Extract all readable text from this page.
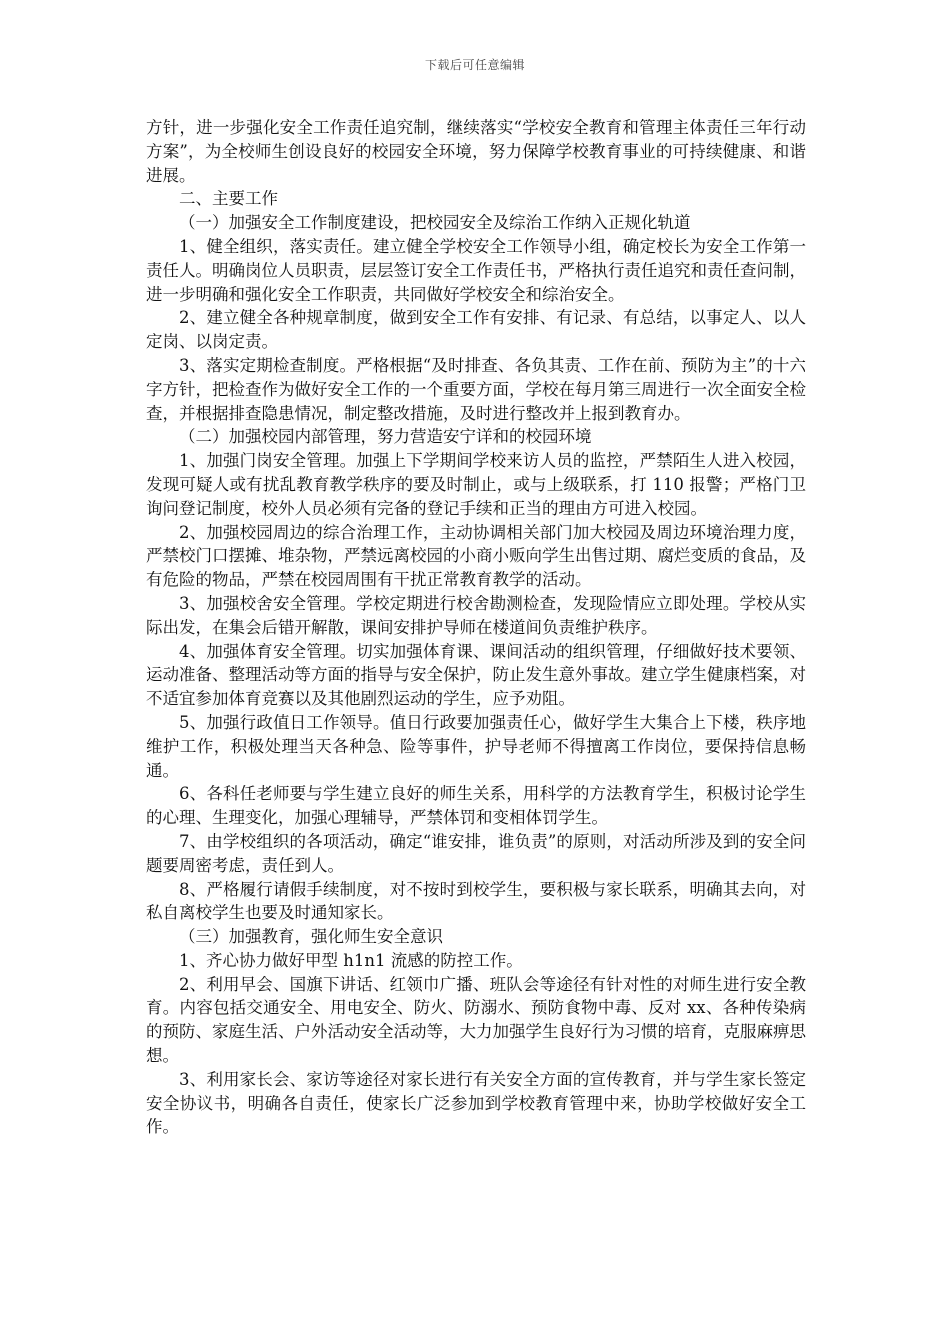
下载后可任意编辑

方针，进一步强化安全工作责任追究制，继续落实“学校安全教育和管理主体责任三年行动方案”，为全校师生创设良好的校园安全环境，努力保障学校教育事业的可持续健康、和谐进展。

二、主要工作

（一）加强安全工作制度建设，把校园安全及综治工作纳入正规化轨道

1、健全组织，落实责任。建立健全学校安全工作领导小组，确定校长为安全工作第一责任人。明确岗位人员职责，层层签订安全工作责任书，严格执行责任追究和责任查问制，进一步明确和强化安全工作职责，共同做好学校安全和综治安全。

2、建立健全各种规章制度，做到安全工作有安排、有记录、有总结，以事定人、以人定岗、以岗定责。

3、落实定期检查制度。严格根据“及时排查、各负其责、工作在前、预防为主”的十六字方针，把检查作为做好安全工作的一个重要方面，学校在每月第三周进行一次全面安全检查，并根据排查隐患情况，制定整改措施，及时进行整改并上报到教育办。

（二）加强校园内部管理，努力营造安宁详和的校园环境

1、加强门岗安全管理。加强上下学期间学校来访人员的监控，严禁陌生人进入校园，发现可疑人或有扰乱教育教学秩序的要及时制止，或与上级联系，打 110 报警；严格门卫询问登记制度，校外人员必须有完备的登记手续和正当的理由方可进入校园。

2、加强校园周边的综合治理工作，主动协调相关部门加大校园及周边环境治理力度，严禁校门口摆摊、堆杂物，严禁远离校园的小商小贩向学生出售过期、腐烂变质的食品，及有危险的物品，严禁在校园周围有干扰正常教育教学的活动。

3、加强校舍安全管理。学校定期进行校舍勘测检查，发现险情应立即处理。学校从实际出发，在集会后错开解散，课间安排护导师在楼道间负责维护秩序。

4、加强体育安全管理。切实加强体育课、课间活动的组织管理，仔细做好技术要领、运动准备、整理活动等方面的指导与安全保护，防止发生意外事故。建立学生健康档案，对不适宜参加体育竞赛以及其他剧烈运动的学生，应予劝阻。

5、加强行政值日工作领导。值日行政要加强责任心，做好学生大集合上下楼，秩序地维护工作，积极处理当天各种急、险等事件，护导老师不得擅离工作岗位，要保持信息畅通。

6、各科任老师要与学生建立良好的师生关系，用科学的方法教育学生，积极讨论学生的心理、生理变化，加强心理辅导，严禁体罚和变相体罚学生。

7、由学校组织的各项活动，确定“谁安排，谁负责”的原则，对活动所涉及到的安全问题要周密考虑，责任到人。

8、严格履行请假手续制度，对不按时到校学生，要积极与家长联系，明确其去向，对私自离校学生也要及时通知家长。

（三）加强教育，强化师生安全意识

1、齐心协力做好甲型 h1n1 流感的防控工作。

2、利用早会、国旗下讲话、红领巾广播、班队会等途径有针对性的对师生进行安全教育。内容包括交通安全、用电安全、防火、防溺水、预防食物中毒、反对 xx、各种传染病的预防、家庭生活、户外活动安全活动等，大力加强学生良好行为习惯的培育，克服麻痹思想。

3、利用家长会、家访等途径对家长进行有关安全方面的宣传教育，并与学生家长签定安全协议书，明确各自责任，使家长广泛参加到学校教育管理中来，协助学校做好安全工作。
